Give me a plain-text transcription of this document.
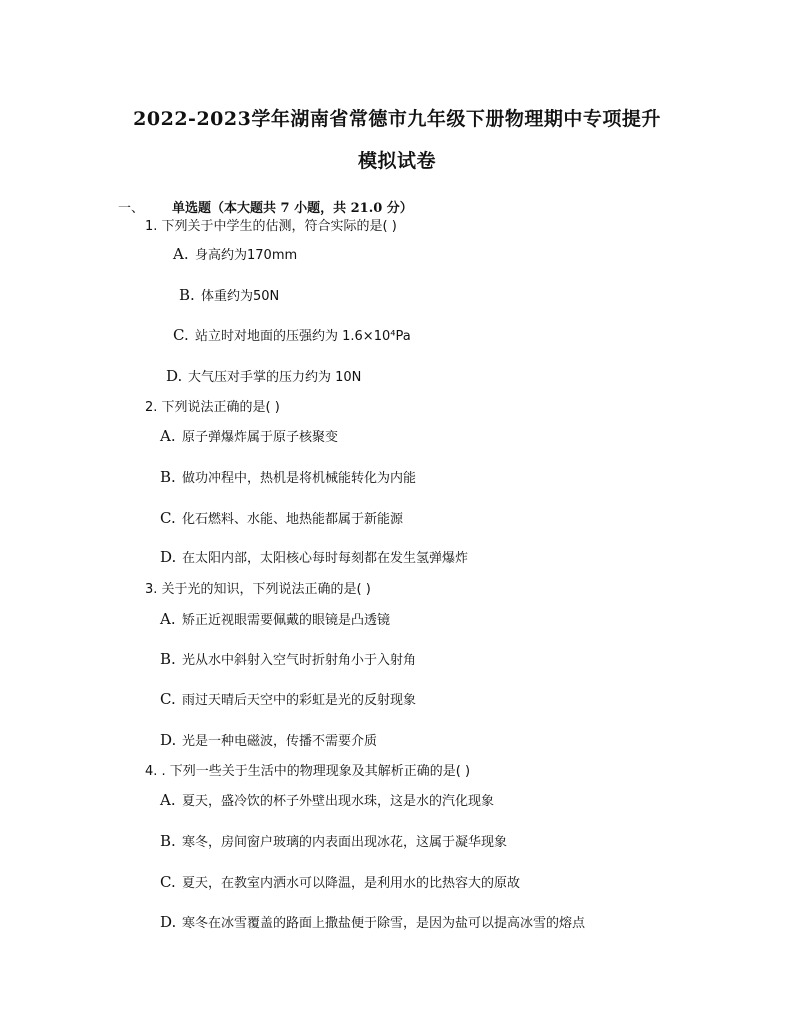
2022-2023学年湖南省常德市九年级下册物理期中专项提升
模拟试卷
一、 单选题（本大题共 7 小题，共 21.0 分）
1. 下列关于中学生的估测，符合实际的是( )
A. 身高约为170mm
B. 体重约为50N
C. 站立时对地面的压强约为 1.6×10⁴Pa
D. 大气压对手掌的压力约为 10N
2. 下列说法正确的是( )
A. 原子弹爆炸属于原子核聚变
B. 做功冲程中，热机是将机械能转化为内能
C. 化石燃料、水能、地热能都属于新能源
D. 在太阳内部，太阳核心每时每刻都在发生氢弹爆炸
3. 关于光的知识，下列说法正确的是( )
A. 矫正近视眼需要佩戴的眼镜是凸透镜
B. 光从水中斜射入空气时折射角小于入射角
C. 雨过天晴后天空中的彩虹是光的反射现象
D. 光是一种电磁波，传播不需要介质
4. . 下列一些关于生活中的物理现象及其解析正确的是( )
A. 夏天，盛冷饮的杯子外壁出现水珠，这是水的汽化现象
B. 寒冬，房间窗户玻璃的内表面出现冰花，这属于凝华现象
C. 夏天，在教室内洒水可以降温，是利用水的比热容大的原故
D. 寒冬在冰雪覆盖的路面上撒盐便于除雪，是因为盐可以提高冰雪的熔点
